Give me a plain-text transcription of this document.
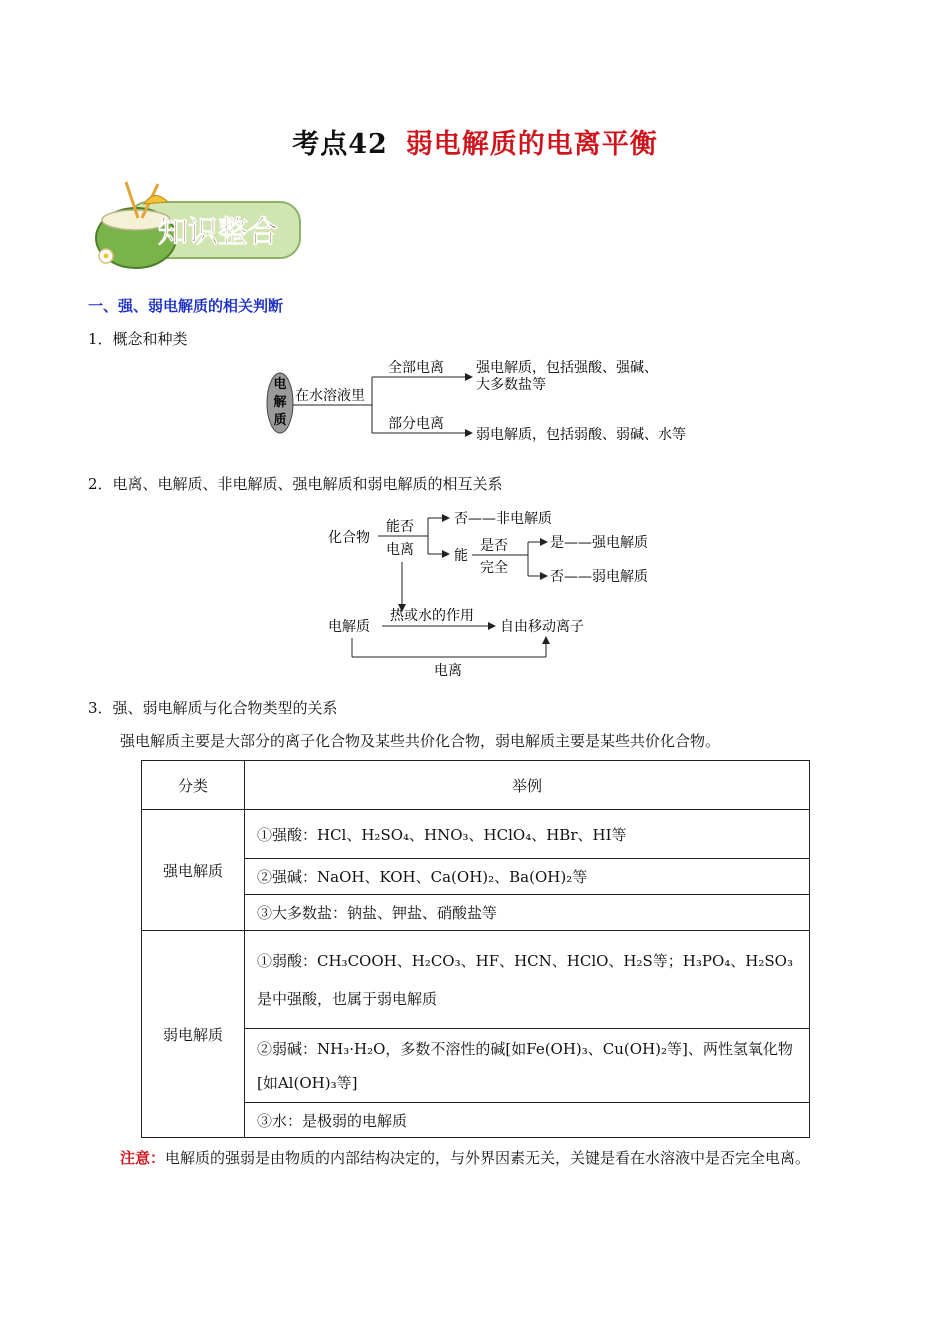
考点42 弱电解质的电离平衡
知识整合
一、强、弱电解质的相关判断
1．概念和种类
电
解
质
在水溶液里
全部电离
部分电离
强电解质，包括强酸、强碱、
大多数盐等
弱电解质，包括弱酸、弱碱、水等
2．电离、电解质、非电解质、强电解质和弱电解质的相互关系
化合物
能否
电离
否——非电解质
能
是否
完全
是——强电解质
否——弱电解质
电解质
热或水的作用
自由移动离子
电离
3．强、弱电解质与化合物类型的关系
强电解质主要是大部分的离子化合物及某些共价化合物，弱电解质主要是某些共价化合物。
分类	举例
强电解质	①强酸：HCl、H₂SO₄、HNO₃、HClO₄、HBr、HI等
	②强碱：NaOH、KOH、Ca(OH)₂、Ba(OH)₂等
	③大多数盐：钠盐、钾盐、硝酸盐等
弱电解质	①弱酸：CH₃COOH、H₂CO₃、HF、HCN、HClO、H₂S等；H₃PO₄、H₂SO₃是中强酸，也属于弱电解质
	②弱碱：NH₃·H₂O，多数不溶性的碱[如Fe(OH)₃、Cu(OH)₂等]、两性氢氧化物[如Al(OH)₃等]
	③水：是极弱的电解质
注意：电解质的强弱是由物质的内部结构决定的，与外界因素无关，关键是看在水溶液中是否完全电离。
